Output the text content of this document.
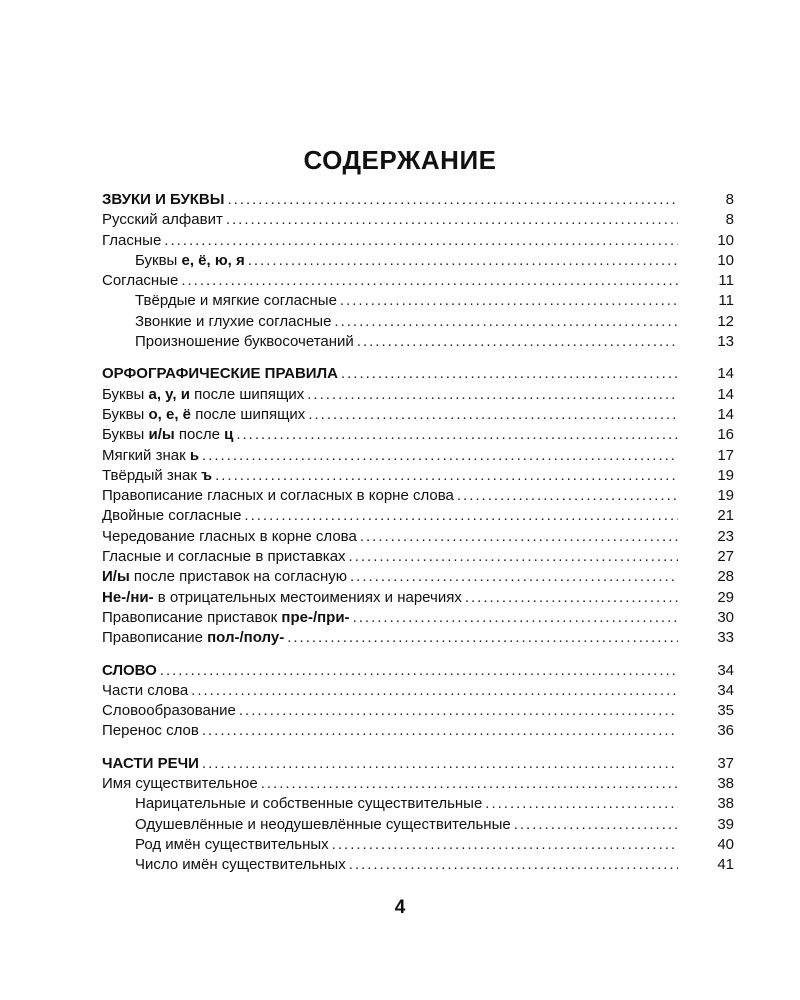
СОДЕРЖАНИЕ
ЗВУКИ И БУКВЫ .....	8
Русский алфавит .....	8
Гласные .....	10
Буквы е, ё, ю, я .....	10
Согласные .....	11
Твёрдые и мягкие согласные .....	11
Звонкие и глухие согласные .....	12
Произношение буквосочетаний .....	13
ОРФОГРАФИЧЕСКИЕ ПРАВИЛА .....	14
Буквы а, у, и после шипящих .....	14
Буквы о, е, ё после шипящих .....	14
Буквы и/ы после ц .....	16
Мягкий знак ь .....	17
Твёрдый знак ъ .....	19
Правописание гласных и согласных в корне слова .....	19
Двойные согласные .....	21
Чередование гласных в корне слова .....	23
Гласные и согласные в приставках .....	27
И/ы после приставок на согласную .....	28
Не-/ни- в отрицательных местоимениях и наречиях .....	29
Правописание приставок пре-/при- .....	30
Правописание пол-/полу- .....	33
СЛОВО .....	34
Части слова .....	34
Словообразование .....	35
Перенос слов .....	36
ЧАСТИ РЕЧИ .....	37
Имя существительное .....	38
Нарицательные и собственные существительные .....	38
Одушевлённые и неодушевлённые существительные .....	39
Род имён существительных .....	40
Число имён существительных .....	41
4
